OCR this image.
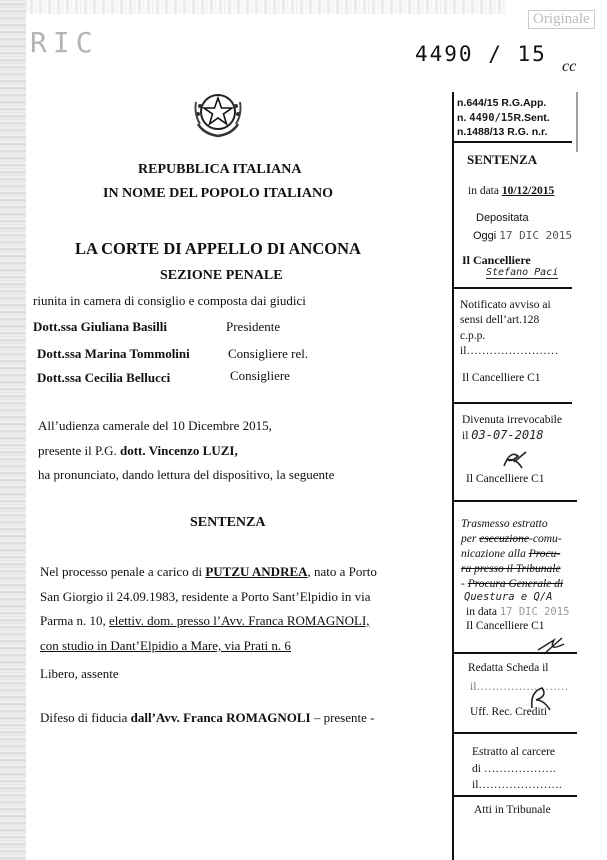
RIC	4490 / 15
cc
Originale
REPUBBLICA ITALIANA
IN NOME DEL POPOLO ITALIANO
LA CORTE DI APPELLO DI ANCONA
SEZIONE PENALE
riunita in camera di consiglio e composta dai giudici
Dott.ssa Giuliana Basilli	Presidente
Dott.ssa Marina Tommolini	Consigliere rel.
Dott.ssa Cecilia Bellucci	Consigliere
All’udienza camerale del 10 Dicembre 2015,
presente il P.G. dott. Vincenzo LUZI,
ha pronunciato, dando lettura del dispositivo, la seguente
SENTENZA
Nel processo penale a carico di PUTZU ANDREA, nato a Porto
San Giorgio il 24.09.1983, residente a Porto Sant’Elpidio in via
Parma n. 10, elettiv. dom. presso l’Avv. Franca ROMAGNOLI,
con studio in Dant’Elpidio a Mare, via Prati n. 6
Libero, assente
Difeso di fiducia dall’Avv. Franca ROMAGNOLI – presente -
n.644/15 R.G.App.
n. 4490/15R.Sent.
n.1488/13 R.G. n.r.
SENTENZA
in data 10/12/2015
Depositata
Oggi 17 DIC 2015
Il Cancelliere
Stefano Paci
Notificato avviso ai
sensi dell’art.128
c.p.p.
il……………………
Il Cancelliere C1
Divenuta irrevocabile
il 03-07-2018
Il Cancelliere C1
Trasmesso estratto
per esecuzione-comu-
nicazione alla Procu-
ra presso il Tribunale
- Procura Generale di
Questura e Q/A
in data 17 DIC 2015
Il Cancelliere C1
Redatta Scheda il
il……………………
Uff. Rec. Crediti
Estratto al carcere
di ……………….
il………………….
Atti in Tribunale
